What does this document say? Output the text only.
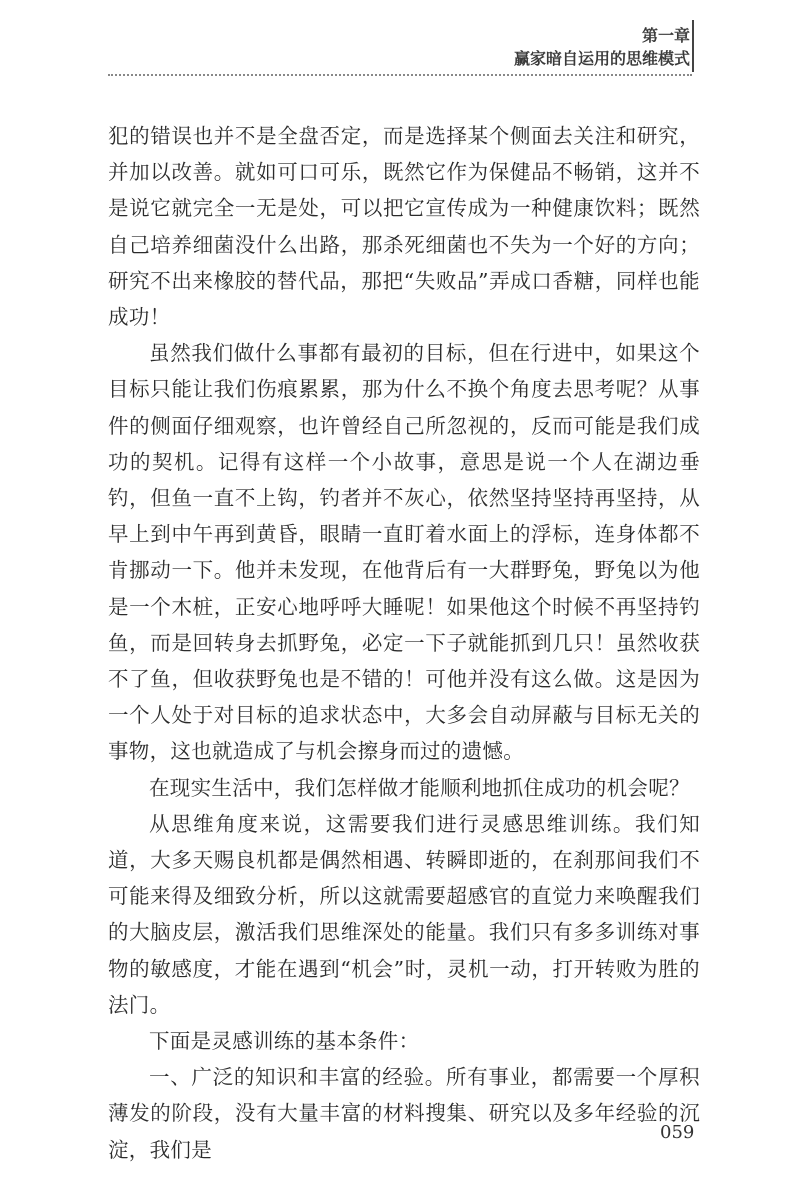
第一章
赢家暗自运用的思维模式

犯的错误也并不是全盘否定，而是选择某个侧面去关注和研究，并加以改善。就如可口可乐，既然它作为保健品不畅销，这并不是说它就完全一无是处，可以把它宣传成为一种健康饮料；既然自己培养细菌没什么出路，那杀死细菌也不失为一个好的方向；研究不出来橡胶的替代品，那把“失败品”弄成口香糖，同样也能成功！

虽然我们做什么事都有最初的目标，但在行进中，如果这个目标只能让我们伤痕累累，那为什么不换个角度去思考呢？从事件的侧面仔细观察，也许曾经自己所忽视的，反而可能是我们成功的契机。记得有这样一个小故事，意思是说一个人在湖边垂钓，但鱼一直不上钩，钓者并不灰心，依然坚持坚持再坚持，从早上到中午再到黄昏，眼睛一直盯着水面上的浮标，连身体都不肯挪动一下。他并未发现，在他背后有一大群野兔，野兔以为他是一个木桩，正安心地呼呼大睡呢！如果他这个时候不再坚持钓鱼，而是回转身去抓野兔，必定一下子就能抓到几只！虽然收获不了鱼，但收获野兔也是不错的！可他并没有这么做。这是因为一个人处于对目标的追求状态中，大多会自动屏蔽与目标无关的事物，这也就造成了与机会擦身而过的遗憾。

在现实生活中，我们怎样做才能顺利地抓住成功的机会呢？

从思维角度来说，这需要我们进行灵感思维训练。我们知道，大多天赐良机都是偶然相遇、转瞬即逝的，在刹那间我们不可能来得及细致分析，所以这就需要超感官的直觉力来唤醒我们的大脑皮层，激活我们思维深处的能量。我们只有多多训练对事物的敏感度，才能在遇到“机会”时，灵机一动，打开转败为胜的法门。

下面是灵感训练的基本条件：

一、广泛的知识和丰富的经验。所有事业，都需要一个厚积薄发的阶段，没有大量丰富的材料搜集、研究以及多年经验的沉淀，我们是

059
